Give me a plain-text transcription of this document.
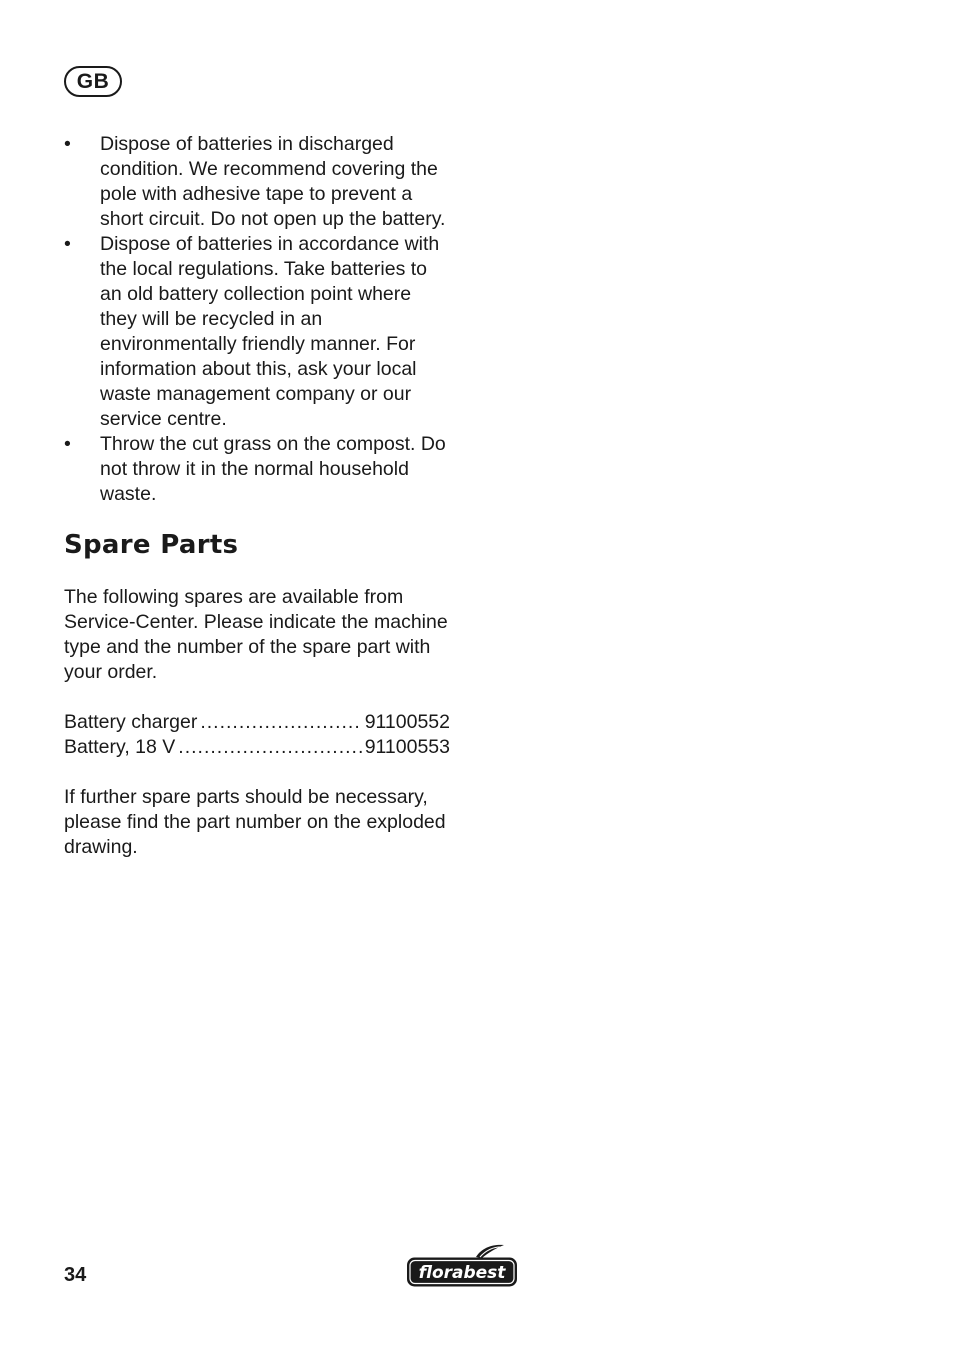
GB
• Dispose of batteries in discharged condition. We recommend covering the pole with adhesive tape to prevent a short circuit. Do not open up the battery.
• Dispose of batteries in accordance with the local regulations. Take batteries to an old battery collection point where they will be recycled in an environmentally friendly manner. For information about this, ask your local waste management company or our service centre.
• Throw the cut grass on the compost. Do not throw it in the normal household waste.
Spare Parts

The following spares are available from Service-Center. Please indicate the machine type and the number of the spare part with your order.

Battery charger .....	91100552
Battery, 18 V .....	91100553

If further spare parts should be necessary, please find the part number on the exploded drawing.

34	florabest
